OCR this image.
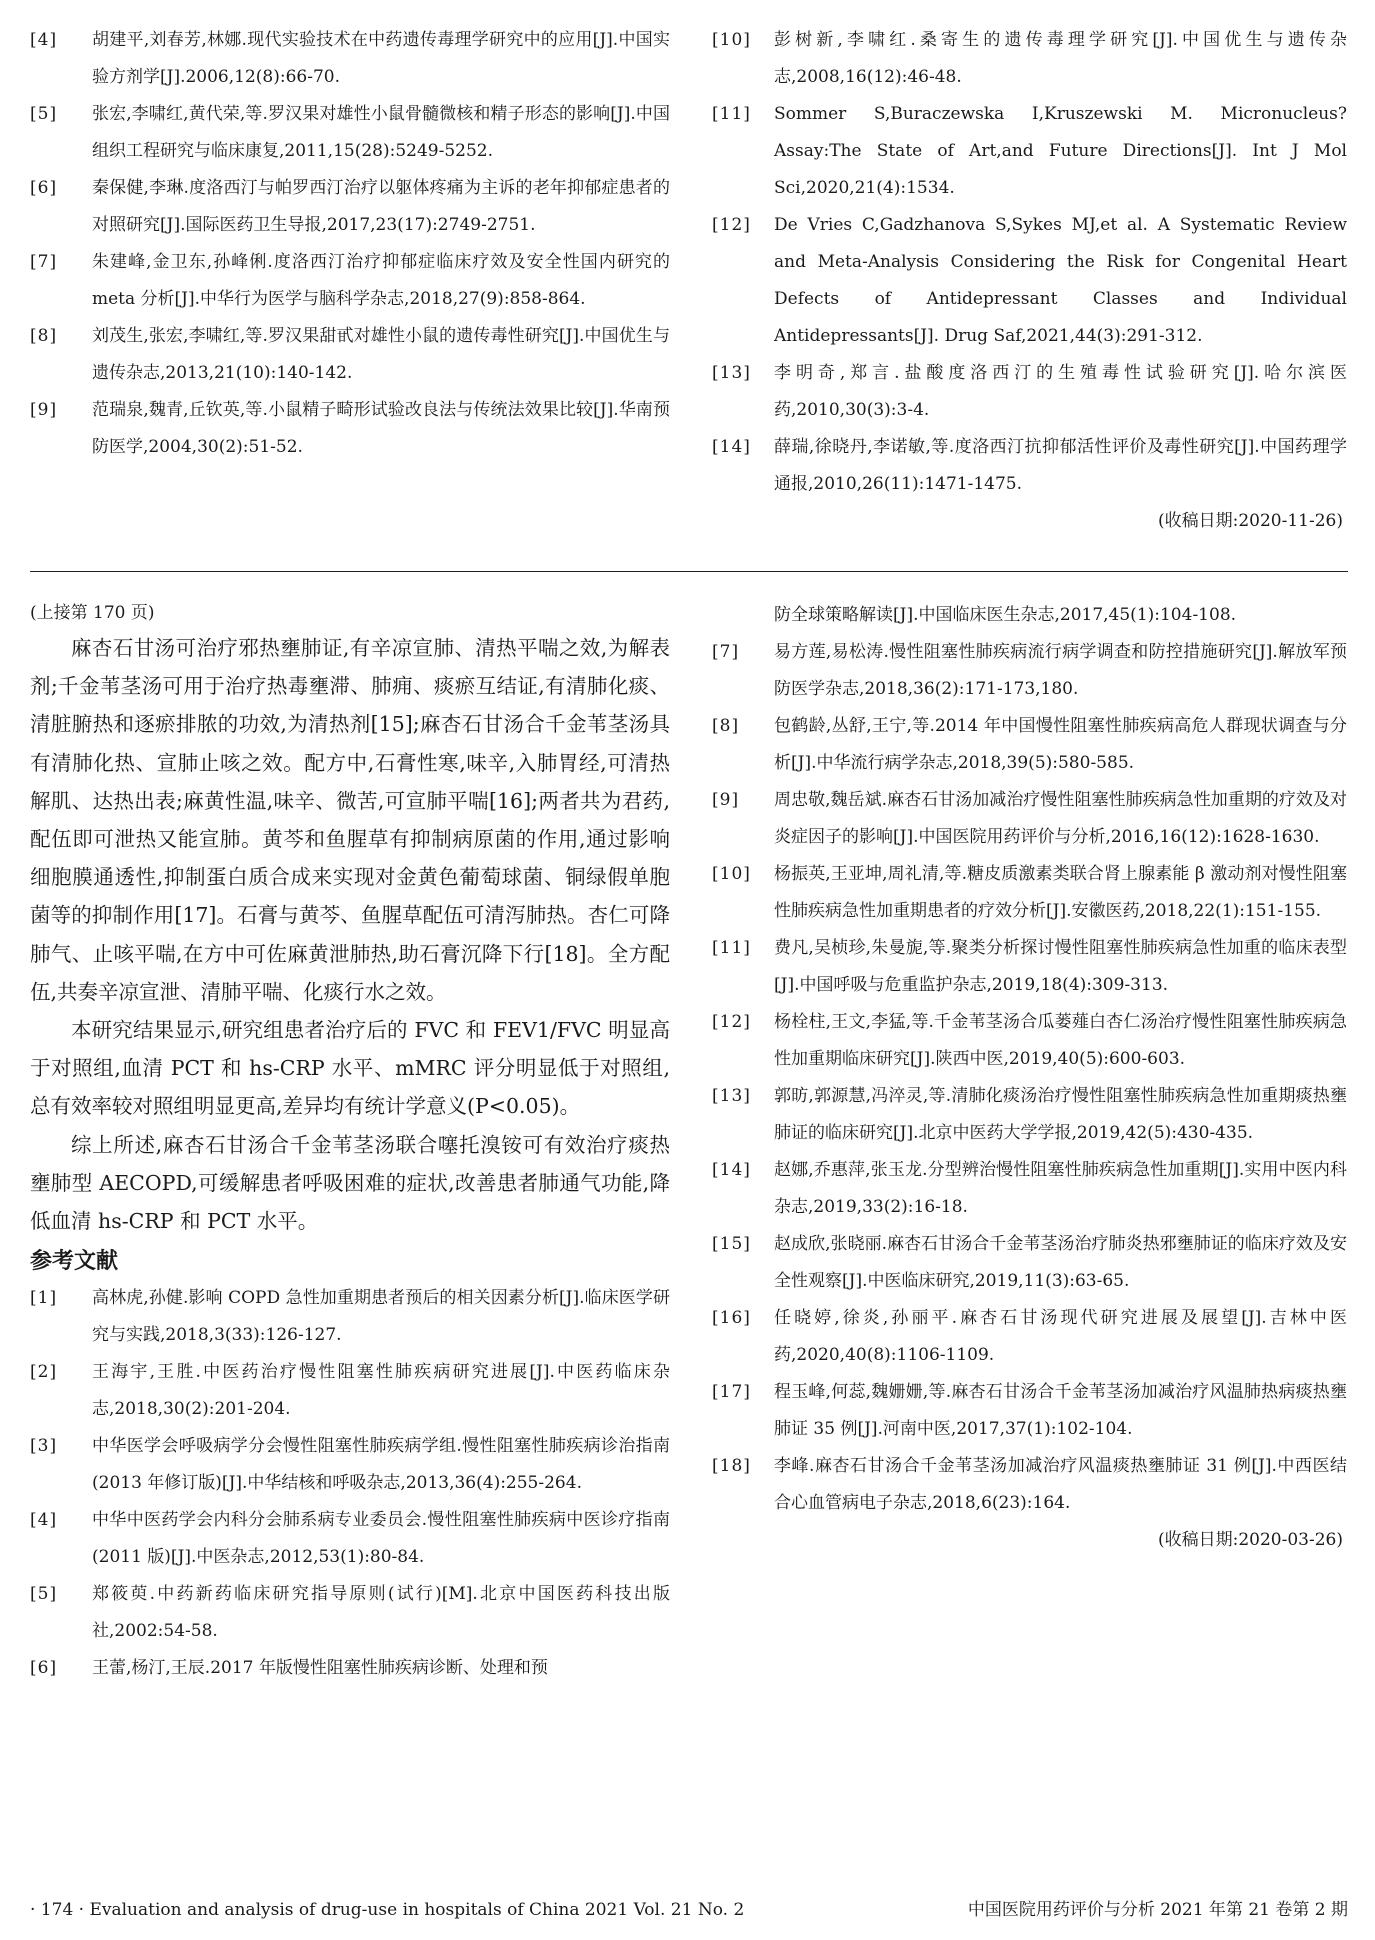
[4]	胡建平,刘春芳,林娜.现代实验技术在中药遗传毒理学研究中的应用[J].中国实验方剂学[J].2006,12(8):66-70.
[5]	张宏,李啸红,黄代荣,等.罗汉果对雄性小鼠骨髓微核和精子形态的影响[J].中国组织工程研究与临床康复,2011,15(28):5249-5252.
[6]	秦保健,李琳.度洛西汀与帕罗西汀治疗以躯体疼痛为主诉的老年抑郁症患者的对照研究[J].国际医药卫生导报,2017,23(17):2749-2751.
[7]	朱建峰,金卫东,孙峰俐.度洛西汀治疗抑郁症临床疗效及安全性国内研究的 meta 分析[J].中华行为医学与脑科学杂志,2018,27(9):858-864.
[8]	刘茂生,张宏,李啸红,等.罗汉果甜甙对雄性小鼠的遗传毒性研究[J].中国优生与遗传杂志,2013,21(10):140-142.
[9]	范瑞泉,魏青,丘钦英,等.小鼠精子畸形试验改良法与传统法效果比较[J].华南预防医学,2004,30(2):51-52.
[10]	彭树新,李啸红.桑寄生的遗传毒理学研究[J].中国优生与遗传杂志,2008,16(12):46-48.
[11]	Sommer S,Buraczewska I,Kruszewski M. Micronucleus? Assay:The State of Art,and Future Directions[J]. Int J Mol Sci,2020,21(4):1534.
[12]	De Vries C,Gadzhanova S,Sykes MJ,et al. A Systematic Review and Meta-Analysis Considering the Risk for Congenital Heart Defects of Antidepressant Classes and Individual Antidepressants[J]. Drug Saf,2021,44(3):291-312.
[13]	李明奇,郑言.盐酸度洛西汀的生殖毒性试验研究[J].哈尔滨医药,2010,30(3):3-4.
[14]	薛瑞,徐晓丹,李诺敏,等.度洛西汀抗抑郁活性评价及毒性研究[J].中国药理学通报,2010,26(11):1471-1475.
(收稿日期:2020-11-26)
(上接第 170 页)

麻杏石甘汤可治疗邪热壅肺证,有辛凉宣肺、清热平喘之效,为解表剂;千金苇茎汤可用于治疗热毒壅滞、肺痈、痰瘀互结证,有清肺化痰、清脏腑热和逐瘀排脓的功效,为清热剂[15];麻杏石甘汤合千金苇茎汤具有清肺化热、宣肺止咳之效。配方中,石膏性寒,味辛,入肺胃经,可清热解肌、达热出表;麻黄性温,味辛、微苦,可宣肺平喘[16];两者共为君药,配伍即可泄热又能宣肺。黄芩和鱼腥草有抑制病原菌的作用,通过影响细胞膜通透性,抑制蛋白质合成来实现对金黄色葡萄球菌、铜绿假单胞菌等的抑制作用[17]。石膏与黄芩、鱼腥草配伍可清泻肺热。杏仁可降肺气、止咳平喘,在方中可佐麻黄泄肺热,助石膏沉降下行[18]。全方配伍,共奏辛凉宣泄、清肺平喘、化痰行水之效。

本研究结果显示,研究组患者治疗后的 FVC 和 FEV1/FVC 明显高于对照组,血清 PCT 和 hs-CRP 水平、mMRC 评分明显低于对照组,总有效率较对照组明显更高,差异均有统计学意义(P<0.05)。

综上所述,麻杏石甘汤合千金苇茎汤联合噻托溴铵可有效治疗痰热壅肺型 AECOPD,可缓解患者呼吸困难的症状,改善患者肺通气功能,降低血清 hs-CRP 和 PCT 水平。

参考文献
[1]	高林虎,孙健.影响 COPD 急性加重期患者预后的相关因素分析[J].临床医学研究与实践,2018,3(33):126-127.
[2]	王海宇,王胜.中医药治疗慢性阻塞性肺疾病研究进展[J].中医药临床杂志,2018,30(2):201-204.
[3]	中华医学会呼吸病学分会慢性阻塞性肺疾病学组.慢性阻塞性肺疾病诊治指南(2013 年修订版)[J].中华结核和呼吸杂志,2013,36(4):255-264.
[4]	中华中医药学会内科分会肺系病专业委员会.慢性阻塞性肺疾病中医诊疗指南(2011 版)[J].中医杂志,2012,53(1):80-84.
[5]	郑筱萸.中药新药临床研究指导原则(试行)[M].北京中国医药科技出版社,2002:54-58.
[6]	王蕾,杨汀,王辰.2017 年版慢性阻塞性肺疾病诊断、处理和预
防全球策略解读[J].中国临床医生杂志,2017,45(1):104-108.
[7]	易方莲,易松涛.慢性阻塞性肺疾病流行病学调查和防控措施研究[J].解放军预防医学杂志,2018,36(2):171-173,180.
[8]	包鹤龄,丛舒,王宁,等.2014 年中国慢性阻塞性肺疾病高危人群现状调查与分析[J].中华流行病学杂志,2018,39(5):580-585.
[9]	周忠敬,魏岳斌.麻杏石甘汤加减治疗慢性阻塞性肺疾病急性加重期的疗效及对炎症因子的影响[J].中国医院用药评价与分析,2016,16(12):1628-1630.
[10]	杨振英,王亚坤,周礼清,等.糖皮质激素类联合肾上腺素能 β 激动剂对慢性阻塞性肺疾病急性加重期患者的疗效分析[J].安徽医药,2018,22(1):151-155.
[11]	费凡,吴桢珍,朱曼旎,等.聚类分析探讨慢性阻塞性肺疾病急性加重的临床表型[J].中国呼吸与危重监护杂志,2019,18(4):309-313.
[12]	杨栓柱,王文,李猛,等.千金苇茎汤合瓜蒌薤白杏仁汤治疗慢性阻塞性肺疾病急性加重期临床研究[J].陕西中医,2019,40(5):600-603.
[13]	郭昉,郭源慧,冯淬灵,等.清肺化痰汤治疗慢性阻塞性肺疾病急性加重期痰热壅肺证的临床研究[J].北京中医药大学学报,2019,42(5):430-435.
[14]	赵娜,乔惠萍,张玉龙.分型辨治慢性阻塞性肺疾病急性加重期[J].实用中医内科杂志,2019,33(2):16-18.
[15]	赵成欣,张晓丽.麻杏石甘汤合千金苇茎汤治疗肺炎热邪壅肺证的临床疗效及安全性观察[J].中医临床研究,2019,11(3):63-65.
[16]	任晓婷,徐炎,孙丽平.麻杏石甘汤现代研究进展及展望[J].吉林中医药,2020,40(8):1106-1109.
[17]	程玉峰,何蕊,魏姗姗,等.麻杏石甘汤合千金苇茎汤加减治疗风温肺热病痰热壅肺证 35 例[J].河南中医,2017,37(1):102-104.
[18]	李峰.麻杏石甘汤合千金苇茎汤加减治疗风温痰热壅肺证 31 例[J].中西医结合心血管病电子杂志,2018,6(23):164.
(收稿日期:2020-03-26)
· 174 · Evaluation and analysis of drug-use in hospitals of China 2021 Vol. 21 No. 2	中国医院用药评价与分析 2021 年第 21 卷第 2 期
